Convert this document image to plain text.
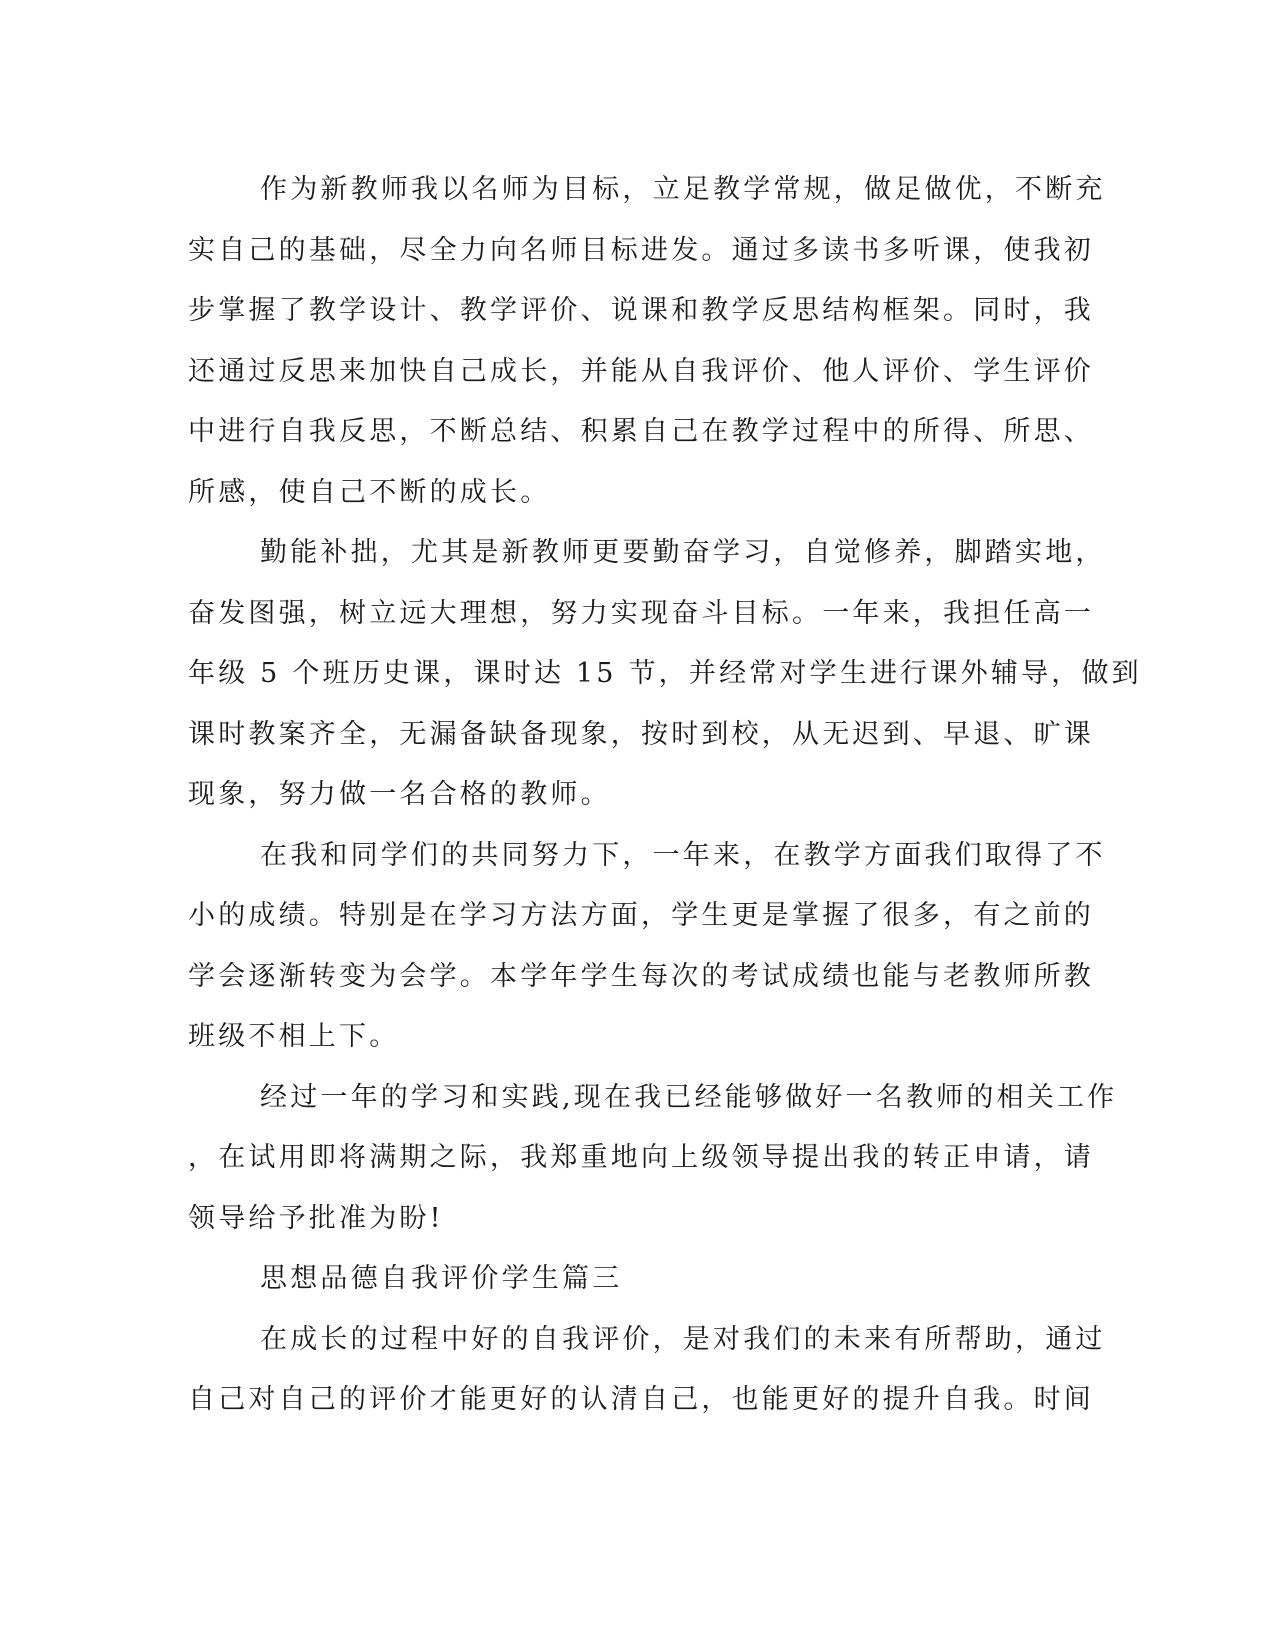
作为新教师我以名师为目标，立足教学常规，做足做优，不断充
实自己的基础，尽全力向名师目标进发。通过多读书多听课，使我初
步掌握了教学设计、教学评价、说课和教学反思结构框架。同时，我
还通过反思来加快自己成长，并能从自我评价、他人评价、学生评价
中进行自我反思，不断总结、积累自己在教学过程中的所得、所思、
所感，使自己不断的成长。
勤能补拙，尤其是新教师更要勤奋学习，自觉修养，脚踏实地，
奋发图强，树立远大理想，努力实现奋斗目标。一年来，我担任高一
年级 5 个班历史课，课时达 15 节，并经常对学生进行课外辅导，做到
课时教案齐全，无漏备缺备现象，按时到校，从无迟到、早退、旷课
现象，努力做一名合格的教师。
在我和同学们的共同努力下，一年来，在教学方面我们取得了不
小的成绩。特别是在学习方法方面，学生更是掌握了很多，有之前的
学会逐渐转变为会学。本学年学生每次的考试成绩也能与老教师所教
班级不相上下。
经过一年的学习和实践,现在我已经能够做好一名教师的相关工作
，在试用即将满期之际，我郑重地向上级领导提出我的转正申请，请
领导给予批准为盼!
思想品德自我评价学生篇三
在成长的过程中好的自我评价，是对我们的未来有所帮助，通过
自己对自己的评价才能更好的认清自己，也能更好的提升自我。时间
